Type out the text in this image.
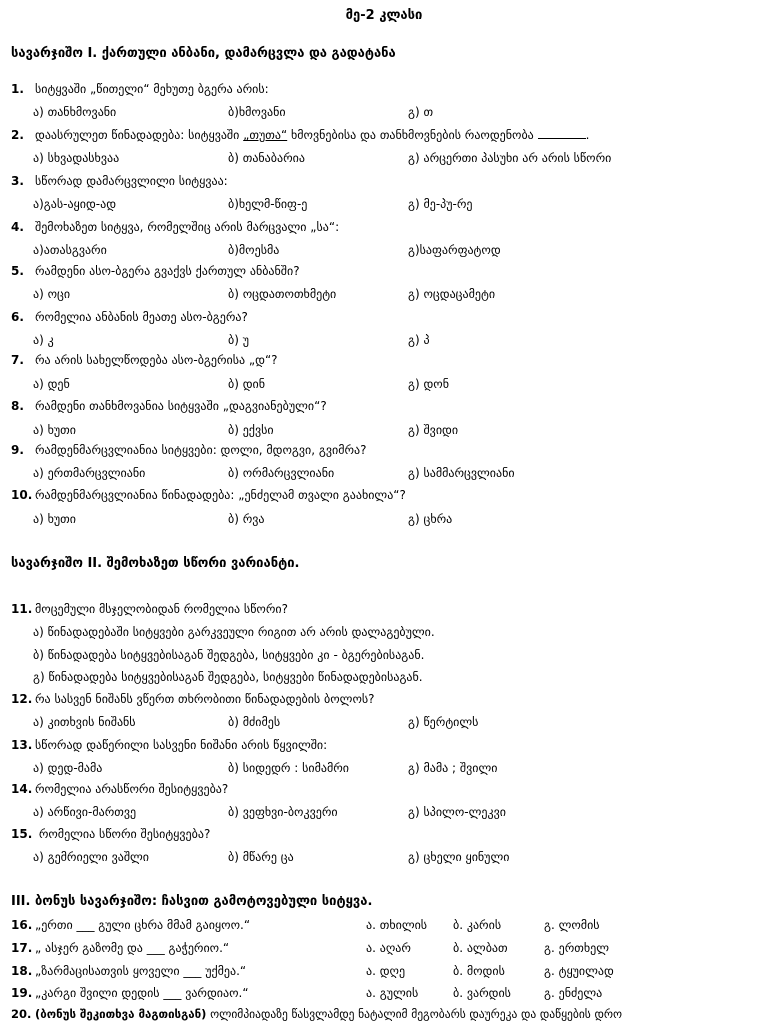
მე-2 კლასი
სავარჯიშო I. ქართული ანბანი, დამარცვლა და გადატანა
1. სიტყვაში „წითელი“ მეხუთე ბგერა არის:
ა) თანხმოვანი	ბ)ხმოვანი	გ) თ
2. დაასრულეთ წინადადება: სიტყვაში „თუთა“ ხმოვნებისა და თანხმოვნების რაოდენობა	.
ა) სხვადასხვაა	ბ) თანაბარია	გ) არცერთი პასუხი არ არის სწორი
3. სწორად დამარცვლილი სიტყვაა:
ა)გას-აყიდ-ად	ბ)ხელმ-წიფ-ე	გ) მე-პუ-რე
4. შემოხაზეთ სიტყვა, რომელშიც არის მარცვალი „სა“:
ა)ათასგვარი	ბ)მოესმა	გ)საფარფატოდ
5. რამდენი ასო-ბგერა გვაქვს ქართულ ანბანში?
ა) ოცი	ბ) ოცდათოთხმეტი	გ) ოცდაცამეტი
6. რომელია ანბანის მეათე ასო-ბგერა?
ა) კ	ბ) უ	გ) პ
7. რა არის სახელწოდება ასო-ბგერისა „დ“?
ა) დენ	ბ) დინ	გ) დონ
8. რამდენი თანხმოვანია სიტყვაში „დაგვიანებული“?
ა) ხუთი	ბ) ექვსი	გ) შვიდი
9. რამდენმარცვლიანია სიტყვები: დოლი, მდოგვი, გვიმრა?
ა) ერთმარცვლიანი	ბ) ორმარცვლიანი	გ) სამმარცვლიანი
10. რამდენმარცვლიანია წინადადება: „ენძელამ თვალი გაახილა“?
ა) ხუთი	ბ) რვა	გ) ცხრა
სავარჯიშო II. შემოხაზეთ სწორი ვარიანტი.
11. მოცემული მსჯელობიდან რომელია სწორი?
ა) წინადადებაში სიტყვები გარკვეული რიგით არ არის დალაგებული.
ბ) წინადადება სიტყვებისაგან შედგება, სიტყვები კი - ბგერებისაგან.
გ) წინადადება სიტყვებისაგან შედგება, სიტყვები წინადადებისაგან.
12. რა სასვენ ნიშანს ვწერთ თხრობითი წინადადების ბოლოს?
ა) კითხვის ნიშანს	ბ) მძიმეს	გ) წერტილს
13. სწორად დაწერილი სასვენი ნიშანი არის წყვილში:
ა) დედ-მამა	ბ) სიდედრ : სიმამრი	გ) მამა ; შვილი
14. რომელია არასწორი შესიტყვება?
ა) არწივი-მართვე	ბ) ვეფხვი-ბოკვერი	გ) სპილო-ლეკვი
15. რომელია სწორი შესიტყვება?
ა) გემრიელი ვაშლი	ბ) მწარე ცა	გ) ცხელი ყინული
III. ბონუს სავარჯიშო: ჩასვით გამოტოვებული სიტყვა.
16. „ერთი ___ გული ცხრა მმამ გაიყოო.“	ა. თხილის ბ. კარის	გ. ლომის
17. „ ასჯერ გაზომე და ___ გაჭერიო.“	ა. აღარ	ბ. ალბათ	გ. ერთხელ
18. „ზარმაცისათვის ყოველი ___ უქმეა.“	ა. დღე	ბ. მოდის	გ. ტყუილად
19. „კარგი შვილი დედის ___ ვარდიაო.“	ა. გულის	ბ. ვარდის	გ. ენძელა
20. (ბონუს შეკითხვა მაგთისგან) ოლიმპიადაზე წასვლამდე ნატალიმ მეგობარს დაურეკა და დაწყების დრო
